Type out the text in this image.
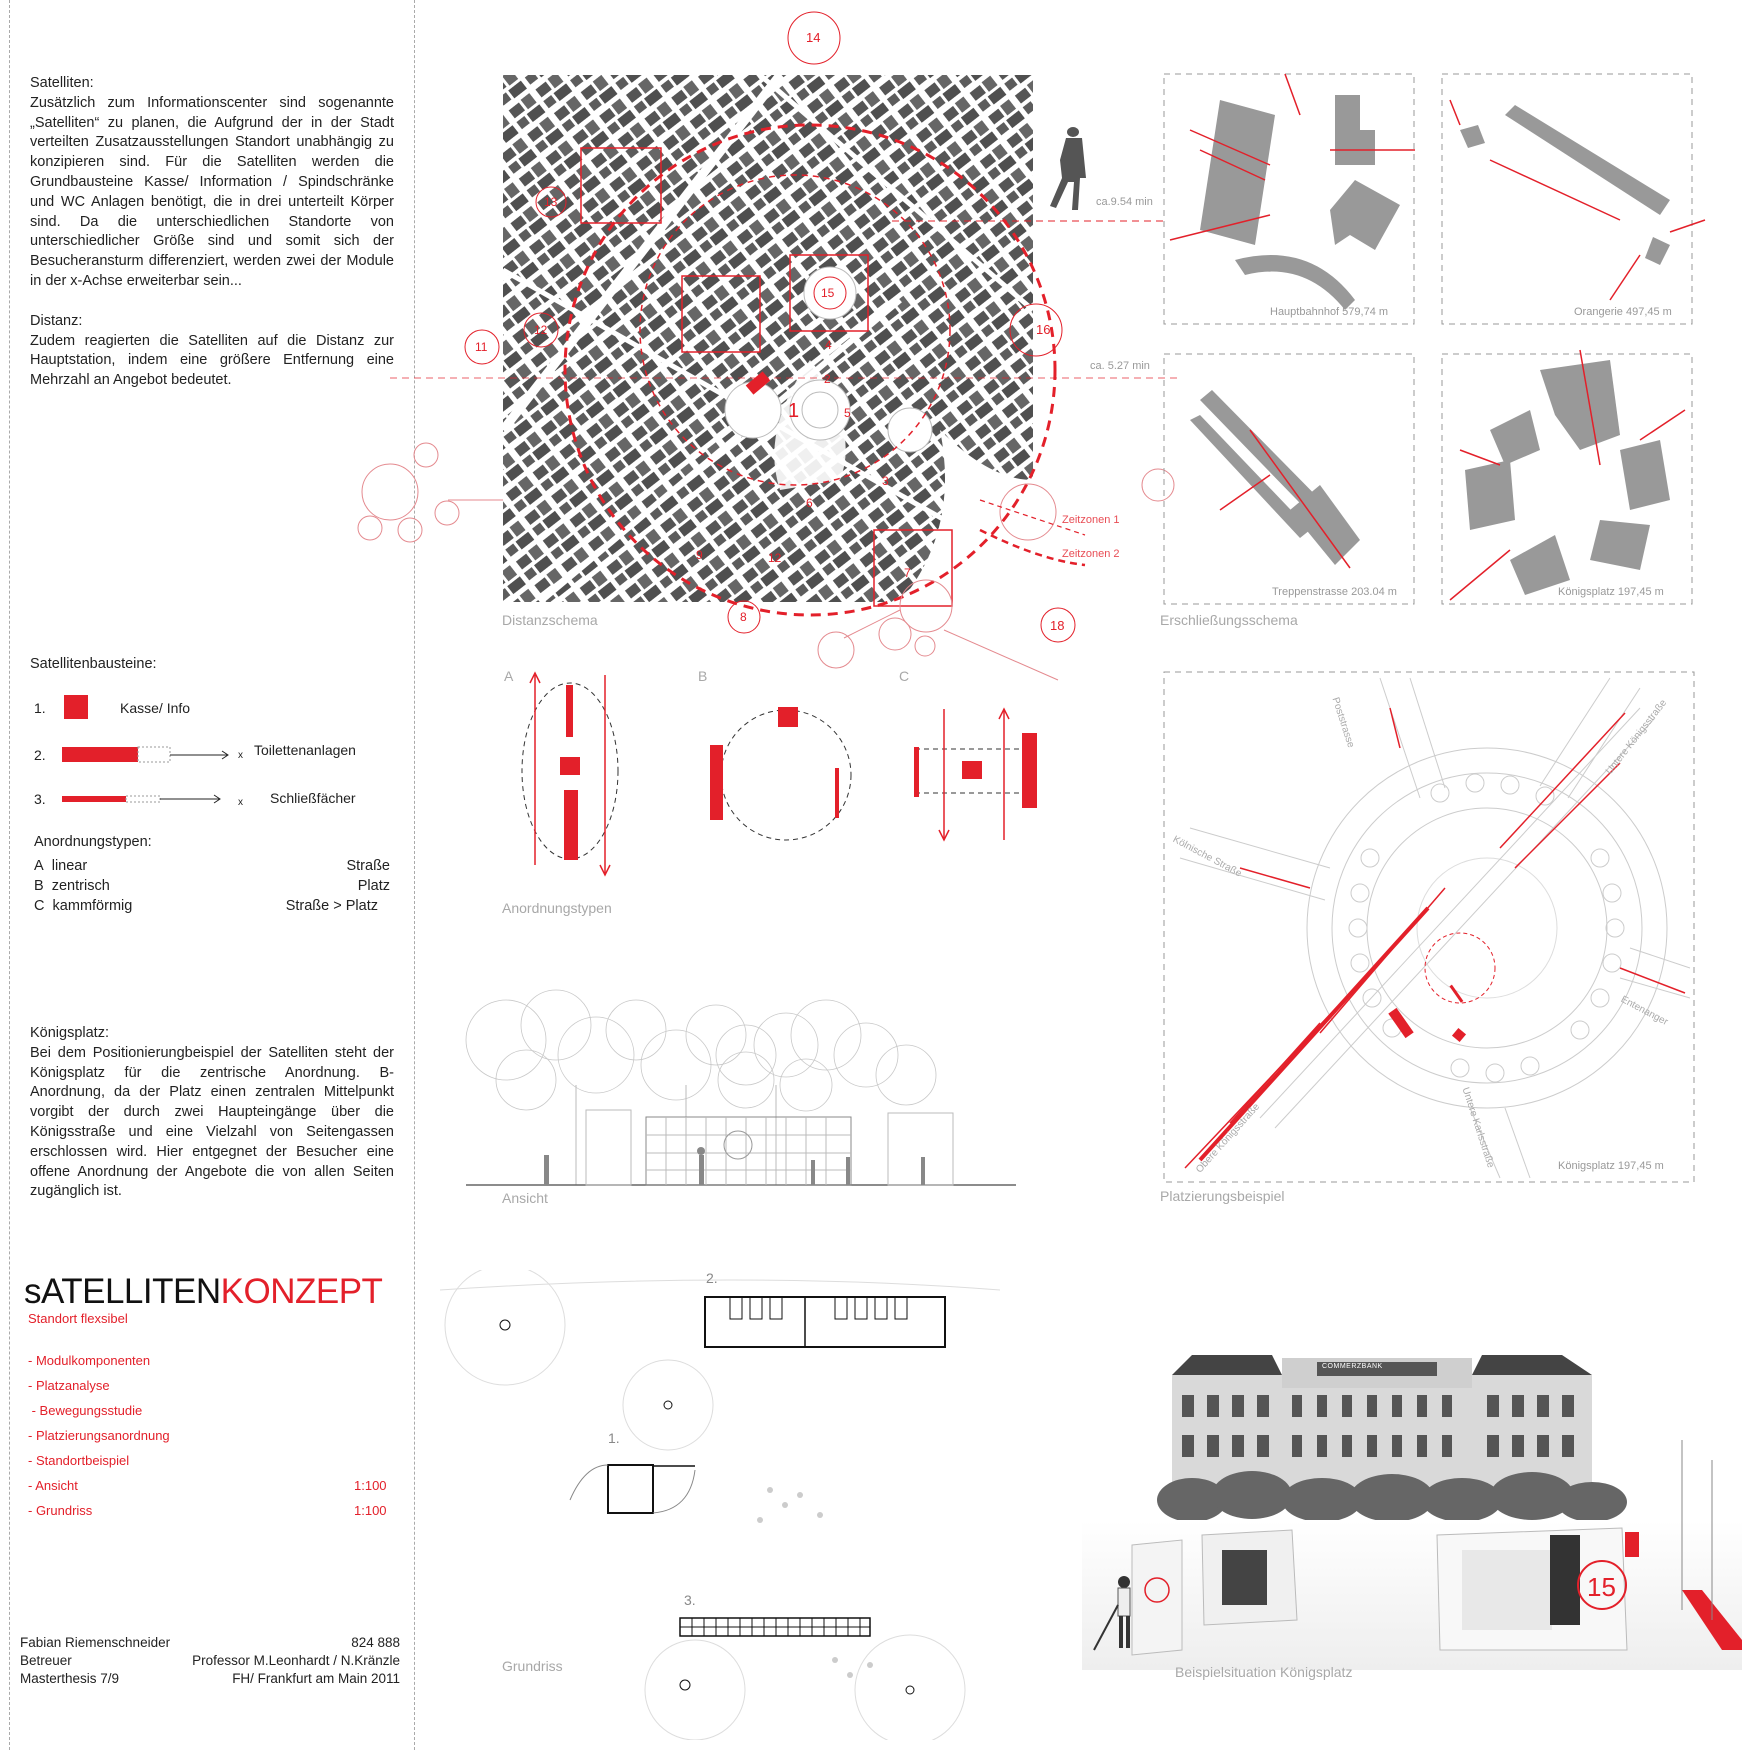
Satelliten:
Zusätzlich zum Informationscenter sind sogenannte „Satelliten“ zu planen, die Aufgrund der in der Stadt verteilten Zusatzausstellungen Standort unabhängig zu konzipieren sind. Für die Satelliten werden die Grundbausteine Kasse/ Information / Spindschränke und WC Anlagen benötigt, die in drei unterteilt Körper sind. Da die unterschiedlichen Standorte von unterschiedlicher Größe sind und somit sich der Besucheransturm differenziert, werden zwei der Module in der x-Achse erweiterbar sein...
Distanz:
Zudem reagierten die Satelliten auf die Distanz zur Hauptstation, indem eine größere Entfernung eine Mehrzahl an Angebot bedeutet.
Satellitenbausteine:
1.	Kasse/ Info
2.	x Toilettenanlagen
3.	x Schließfächer
Anordnungstypen:
A linear	Straße
B zentrisch	Platz
C kammförmig	Straße > Platz
Königsplatz:
Bei dem Positionierungbeispiel der Satelliten steht der Königsplatz für die zentrische Anordnung. B- Anordnung, da der Platz einen zentralen Mittelpunkt vorgibt der durch zwei Haupteingänge über die Königsstraße und eine Vielzahl von Seitengassen erschlossen wird. Hier entgegnet der Besucher eine offene Anordnung der Angebote die von allen Seiten zugänglich ist.
sATELLITENKONZEPT
Standort flexsibel
- Modulkomponenten
- Platzanalyse
- Bewegungsstudie
- Platzierungsanordnung
- Standortbeispiel
- Ansicht	1:100
- Grundriss	1:100
Fabian Riemenschneider	824 888
Betreuer	Professor M.Leonhardt / N.Kränzle
Masterthesis 7/9	FH/ Frankfurt am Main 2011
14
13
12
11
15
16
4
2
1	5
3
6
9	12
7
8
18
ca.9.54 min
ca. 5.27 min
Zeitzonen 1
Zeitzonen 2
Distanzschema
Hauptbahnhof 579,74 m	Orangerie 497,45 m
Treppenstrasse 203.04 m	Königsplatz 197,45 m
Erschließungsschema
A	B	C
Anordnungstypen
Poststrasse	Untere Königsstraße
Kölnische Straße
Entenanger
Untere Karlsstraße
Obere Königsstraße	Königsplatz 197,45 m
Platzierungsbeispiel
Ansicht
2.
1.
3.
Grundriss
COMMERZBANK
15
Beispielsituation Königsplatz
